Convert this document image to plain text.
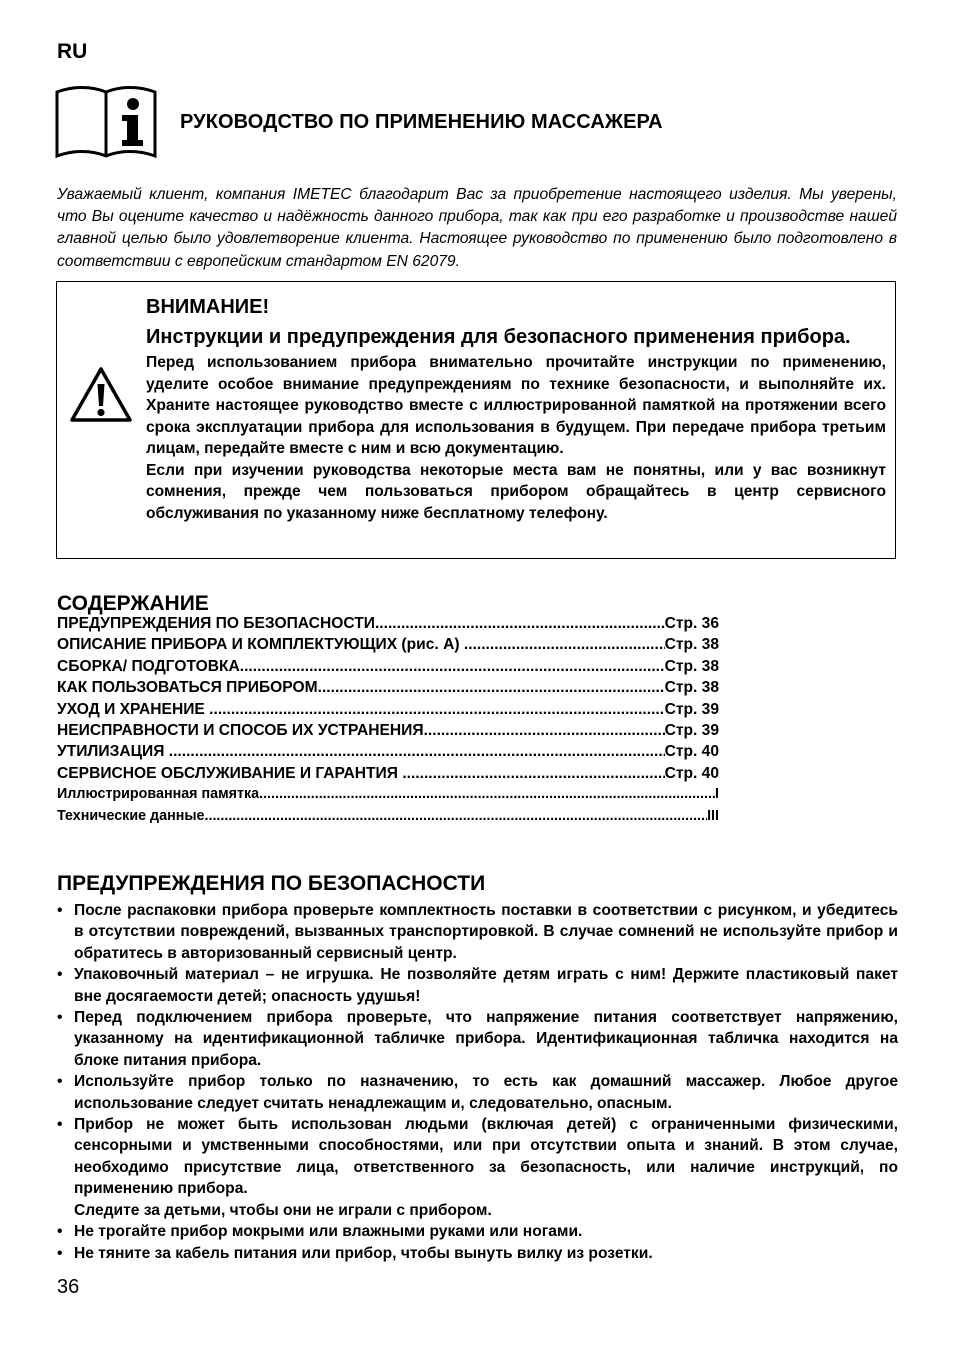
RU
РУКОВОДСТВО ПО ПРИМЕНЕНИЮ МАССАЖЕРА

Уважаемый клиент, компания IMETEC благодарит Вас за приобретение настоящего изделия. Мы уверены, что Вы оцените качество и надёжность данного прибора, так как при его разработке и производстве нашей главной целью было удовлетворение клиента. Настоящее руководство по применению было подготовлено в соответствии с европейским стандартом EN 62079.

ВНИМАНИЕ!
Инструкции и предупреждения для безопасного применения прибора.

Перед использованием прибора внимательно прочитайте инструкции по применению, уделите особое внимание предупреждениям по технике безопасности, и выполняйте их. Храните настоящее руководство вместе с иллюстрированной памяткой на протяжении всего срока эксплуатации прибора для использования в будущем. При передаче прибора третьим лицам, передайте вместе с ним и всю документацию.

Если при изучении руководства некоторые места вам не понятны, или у вас возникнут сомнения, прежде чем пользоваться прибором обращайтесь в центр сервисного обслуживания по указанному ниже бесплатному телефону.

СОДЕРЖАНИЕ
ПРЕДУПРЕЖДЕНИЯ ПО БЕЗОПАСНОСТИ .....	Стр. 36
ОПИСАНИЕ ПРИБОРА И КОМПЛЕКТУЮЩИХ (рис. А) .....	Стр. 38
СБОРКА/ ПОДГОТОВКА .....	Стр. 38
КАК ПОЛЬЗОВАТЬСЯ ПРИБОРОМ .....	Стр. 38
УХОД И ХРАНЕНИЕ .....	Стр. 39
НЕИСПРАВНОСТИ И СПОСОБ ИХ УСТРАНЕНИЯ .....	Стр. 39
УТИЛИЗАЦИЯ .....	Стр. 40
СЕРВИСНОЕ ОБСЛУЖИВАНИЕ И ГАРАНТИЯ .....	Стр. 40
Иллюстрированная памятка .....	I
Технические данные .....	III
ПРЕДУПРЕЖДЕНИЯ ПО БЕЗОПАСНОСТИ
• После распаковки прибора проверьте комплектность поставки в соответствии с рисунком, и убедитесь в отсутствии повреждений, вызванных транспортировкой. В случае сомнений не используйте прибор и обратитесь в авторизованный сервисный центр.
• Упаковочный материал – не игрушка. Не позволяйте детям играть с ним! Держите пластиковый пакет вне досягаемости детей; опасность удушья!
• Перед подключением прибора проверьте, что напряжение питания соответствует напряжению, указанному на идентификационной табличке прибора. Идентификационная табличка находится на блоке питания прибора.
• Используйте прибор только по назначению, то есть как домашний массажер. Любое другое использование следует считать ненадлежащим и, следовательно, опасным.
• Прибор не может быть использован людьми (включая детей) с ограниченными физическими, сенсорными и умственными способностями, или при отсутствии опыта и знаний. В этом случае, необходимо присутствие лица, ответственного за безопасность, или наличие инструкций, по применению прибора.
Следите за детьми, чтобы они не играли с прибором.
• Не трогайте прибор мокрыми или влажными руками или ногами.
• Не тяните за кабель питания или прибор, чтобы вынуть вилку из розетки.
36
